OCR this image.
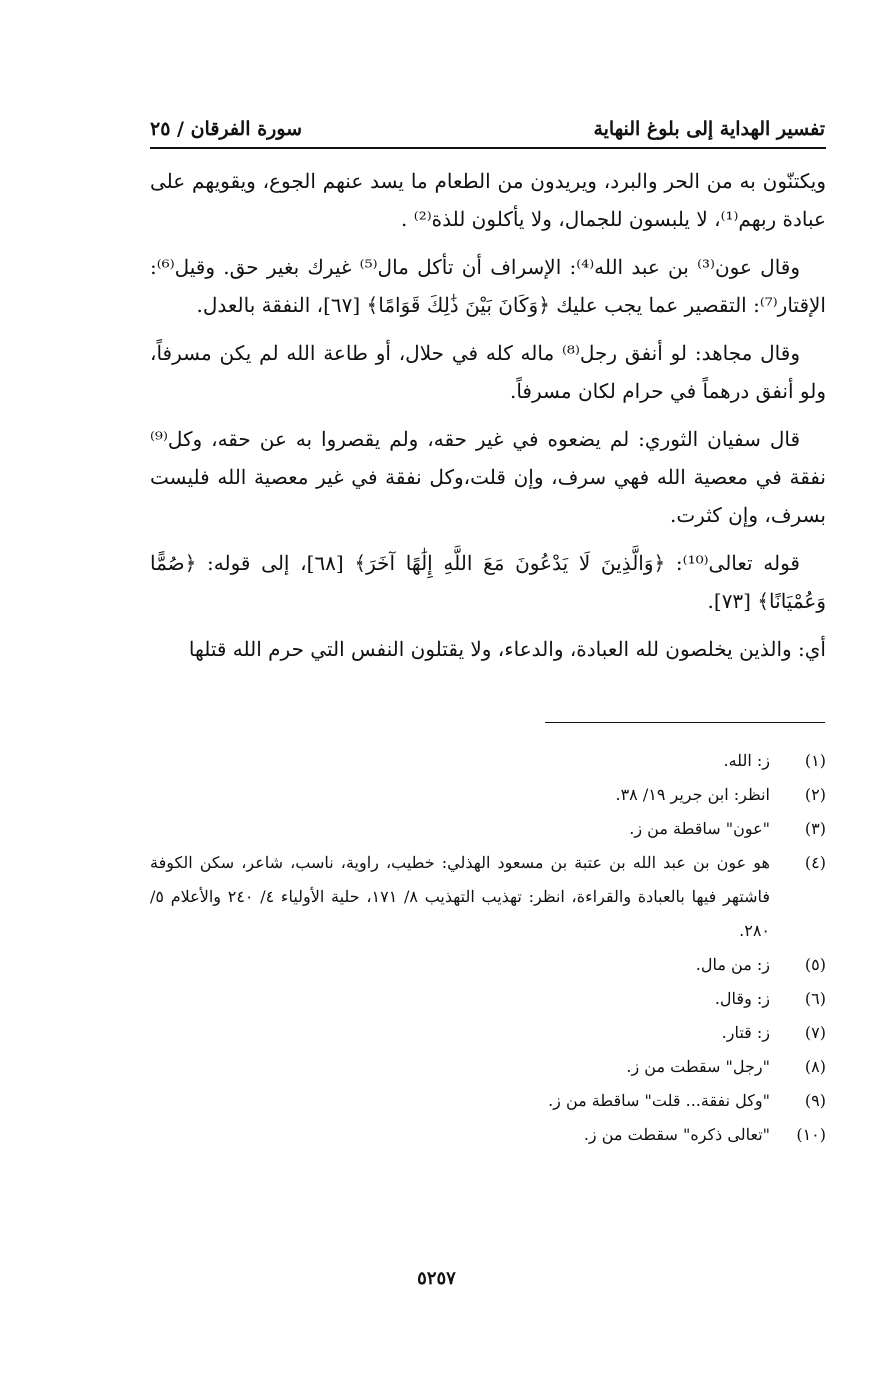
تفسير الهداية إلى بلوغ النهاية
سورة الفرقان / ٢٥

ويكتنّون به من الحر والبرد، ويريدون من الطعام ما يسد عنهم الجوع، ويقويهم على عبادة ربهم⁽¹⁾، لا يلبسون للجمال، ولا يأكلون للذة⁽²⁾ .

وقال عون⁽³⁾ بن عبد الله⁽⁴⁾: الإسراف أن تأكل مال⁽⁵⁾ غيرك بغير حق. وقيل⁽⁶⁾: الإقتار⁽⁷⁾: التقصير عما يجب عليك ﴿وَكَانَ بَيْنَ ذَٰلِكَ قَوَامًا﴾ [٦٧]، النفقة بالعدل.

وقال مجاهد: لو أنفق رجل⁽⁸⁾ ماله كله في حلال، أو طاعة الله لم يكن مسرفاً، ولو أنفق درهماً في حرام لكان مسرفاً.

قال سفيان الثوري: لم يضعوه في غير حقه، ولم يقصروا به عن حقه، وكل⁽⁹⁾ نفقة في معصية الله فهي سرف، وإن قلت،وكل نفقة في غير معصية الله فليست بسرف، وإن كثرت.

قوله تعالى⁽¹⁰⁾: ﴿وَالَّذِينَ لَا يَدْعُونَ مَعَ اللَّهِ إِلَٰهًا آخَرَ﴾ [٦٨]، إلى قوله: ﴿صُمًّا وَعُمْيَانًا﴾ [٧٣].

أي: والذين يخلصون لله العبادة، والدعاء، ولا يقتلون النفس التي حرم الله قتلها

(١)
ز: الله.
(٢)
انظر: ابن جرير ١٩/ ٣٨.
(٣)
"عون" ساقطة من ز.
(٤)
هو عون بن عبد الله بن عتبة بن مسعود الهذلي: خطيب، راوية، ناسب، شاعر، سكن الكوفة فاشتهر فيها بالعبادة والقراءة، انظر: تهذيب التهذيب ٨/ ١٧١، حلية الأولياء ٤/ ٢٤٠ والأعلام ٥/ ٢٨٠.
(٥)
ز: من مال.
(٦)
ز: وقال.
(٧)
ز: قتار.
(٨)
"رجل" سقطت من ز.
(٩)
"وكل نفقة... قلت" ساقطة من ز.
(١٠)
"تعالى ذكره" سقطت من ز.
٥٢٥٧
